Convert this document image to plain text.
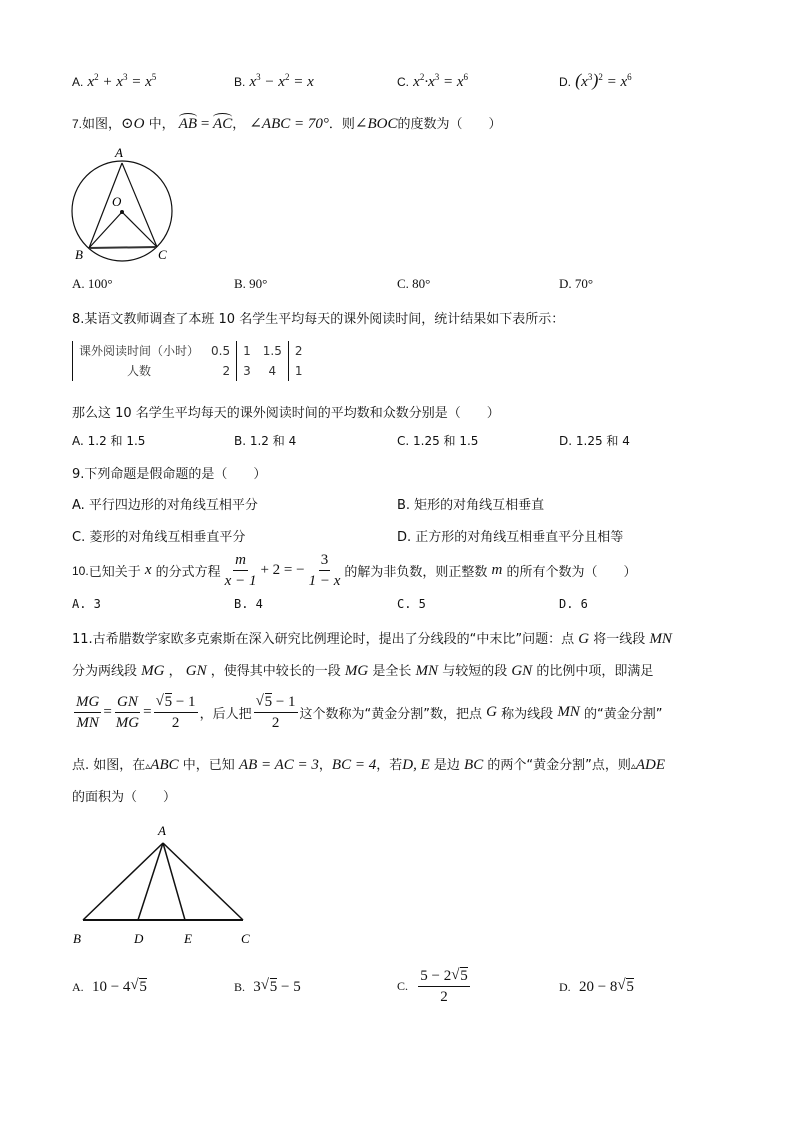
A. $x^2 + x^3 = x^5$	B. $x^3 - x^2 = x$	C. $x^2\cdot x^3 = x^6$	D. $(x^3)^2 = x^6$
7.如图，⊙O 中， AB = AC， ∠ABC = 70°．则∠BOC的度数为（　　）
A
O
B	C
A. 100°	B. 90°	C. 80°	D. 70°
8.某语文教师调查了本班 10 名学生平均每天的课外阅读时间，统计结果如下表所示：
课外阅读时间（小时）	0.5	1	1.5	2
人数	2	3	4	1
那么这 10 名学生平均每天的课外阅读时间的平均数和众数分别是（　　）
A. 1.2 和 1.5	B. 1.2 和 4	C. 1.25 和 1.5	D. 1.25 和 4
9.下列命题是假命题的是（　　）
A. 平行四边形的对角线互相平分	B. 矩形的对角线互相垂直
C. 菱形的对角线互相垂直平分	D. 正方形的对角线互相垂直平分且相等
10. 已知关于
x
的分式方程 $\frac{m}{x - 1} + 2$ = − $\frac{3}{1 - x}$ 的解为非负数，则正整数
m
的所有个数为（　　）
A. 3	B. 4	C. 5	D. 6
11.古希腊数学家欧多克索斯在深入研究比例理论时，提出了分线段的“中末比”问题：点 G 将一线段 MN
分为两线段 MG ， GN ，使得其中较长的一段 MG 是全长 MN 与较短的段 GN 的比例中项，即满足
$\frac{MG}{MN} = \frac{GN}{MG}$ = √ $\frac{5 - 1}{2}$ ，后人把 √ $\frac{5 - 1}{2}$ 这个数称为“黄金分割”数，把点
G
称为线段
MN
的“黄金分割”
点. 如图，在▵ABC 中，已知 AB = AC = 3，BC = 4，若D, E 是边 BC 的两个“黄金分割”点，则▵ADE
的面积为（　　）
A
B	D	E	C
A. 10 − 4 √ 5	B. 3 √ 5 − 5	C.
$\frac{5 - 2 √ 5}{2}$	D. 20 − 8 √ 5
